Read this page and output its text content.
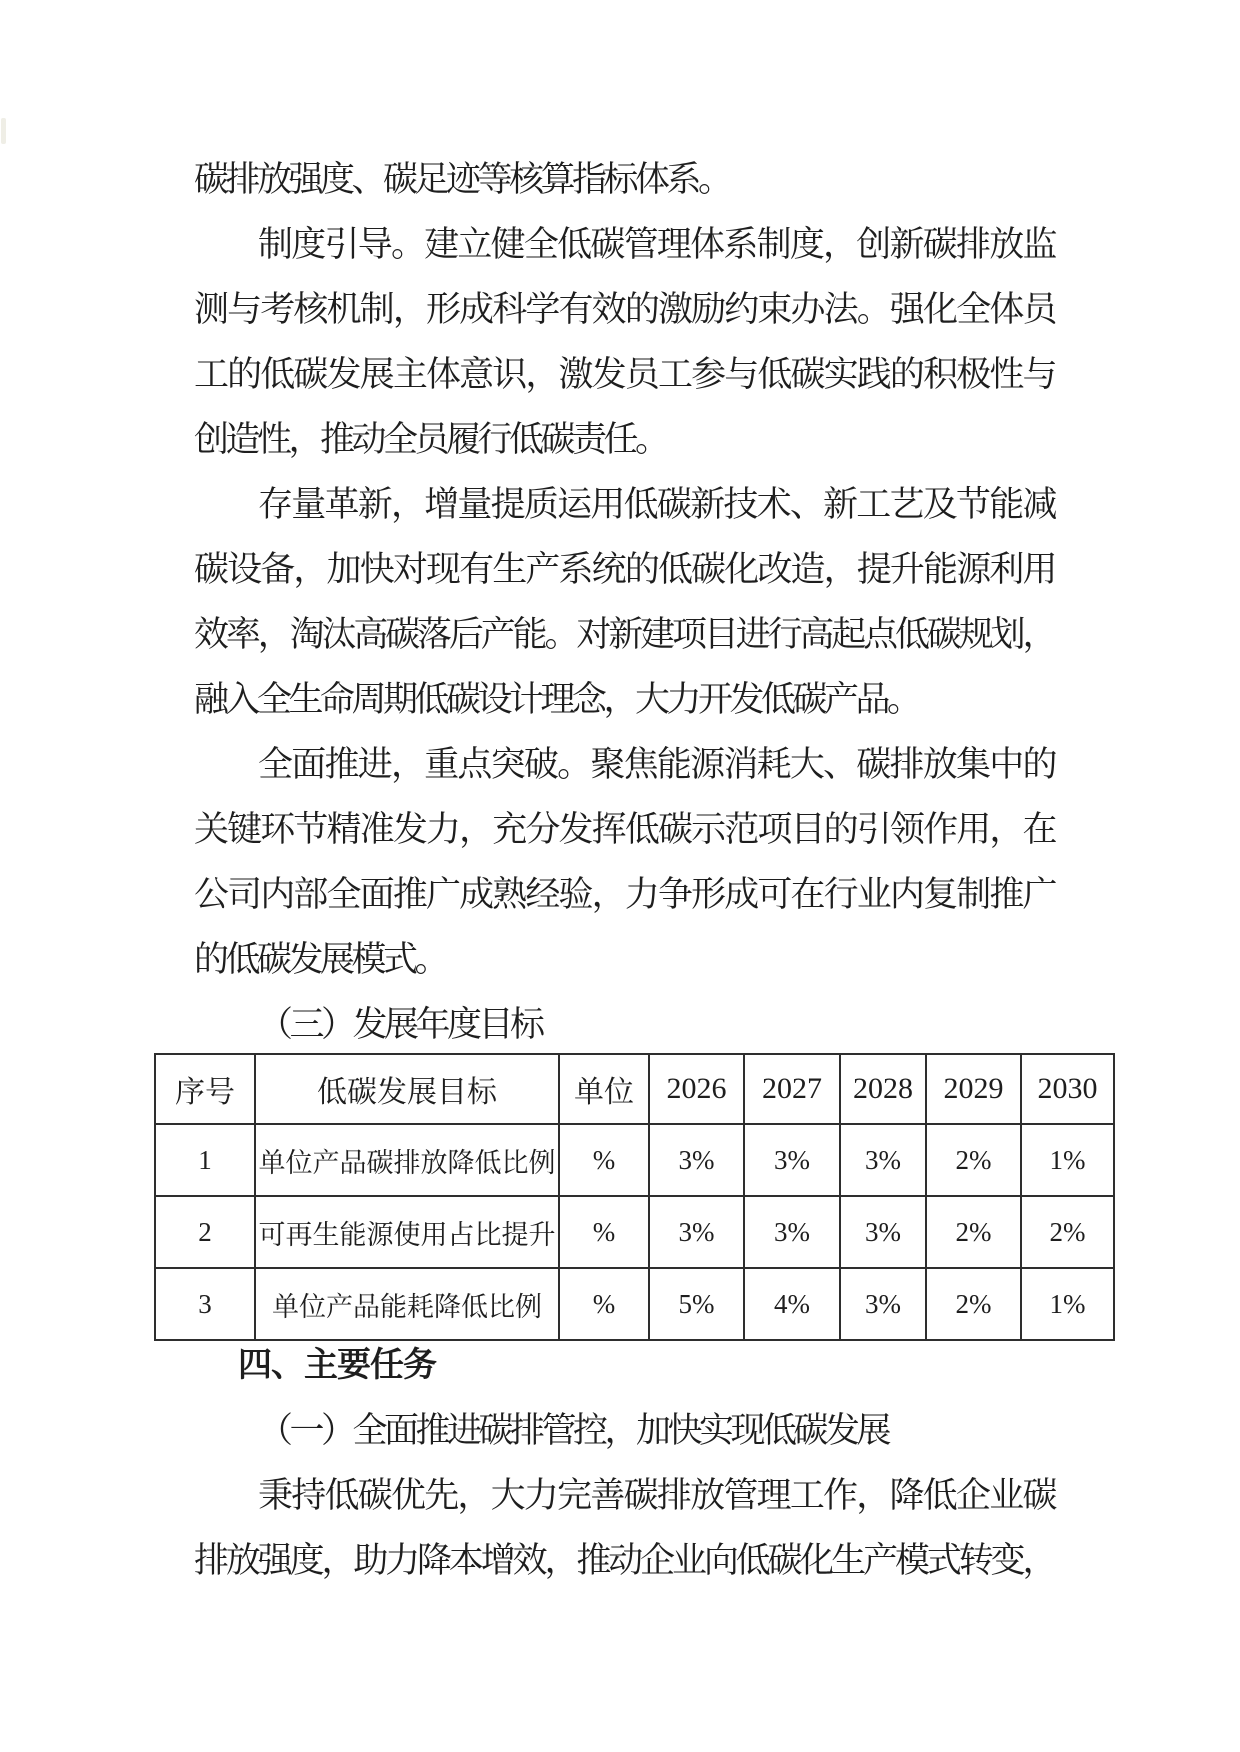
碳排放强度、碳足迹等核算指标体系。
制度引导。建立健全低碳管理体系制度，创新碳排放监
测与考核机制，形成科学有效的激励约束办法。强化全体员
工的低碳发展主体意识，激发员工参与低碳实践的积极性与
创造性，推动全员履行低碳责任。
存量革新，增量提质运用低碳新技术、新工艺及节能减
碳设备，加快对现有生产系统的低碳化改造，提升能源利用
效率，淘汰高碳落后产能。对新建项目进行高起点低碳规划，
融入全生命周期低碳设计理念，大力开发低碳产品。
全面推进，重点突破。聚焦能源消耗大、碳排放集中的
关键环节精准发力，充分发挥低碳示范项目的引领作用，在
公司内部全面推广成熟经验，力争形成可在行业内复制推广
的低碳发展模式。
（三）发展年度目标
序号	低碳发展目标	单位	2026	2027	2028	2029	2030
1	单位产品碳排放降低比例	%	3%	3%	3%	2%	1%
2	可再生能源使用占比提升	%	3%	3%	3%	2%	2%
3	单位产品能耗降低比例	%	5%	4%	3%	2%	1%
四、主要任务
（一）全面推进碳排管控，加快实现低碳发展
秉持低碳优先，大力完善碳排放管理工作，降低企业碳
排放强度，助力降本增效，推动企业向低碳化生产模式转变，
